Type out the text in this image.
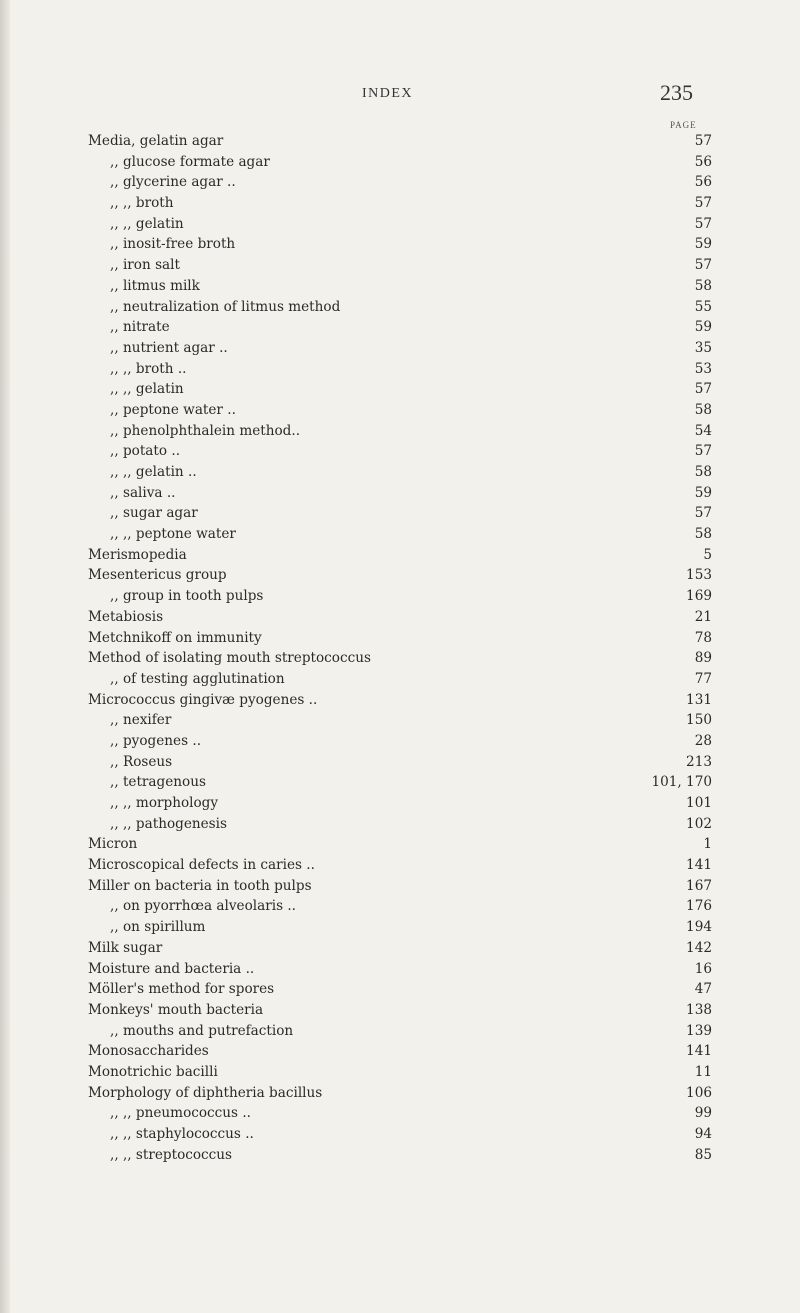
INDEX	235
PAGE
Media, gelatin agar	57
,, glucose formate agar	56
,, glycerine agar ..	56
,, ,, broth	57
,, ,, gelatin	57
,, inosit-free broth	59
,, iron salt	57
,, litmus milk	58
,, neutralization of litmus method	55
,, nitrate	59
,, nutrient agar ..	35
,, ,, broth ..	53
,, ,, gelatin	57
,, peptone water ..	58
,, phenolphthalein method..	54
,, potato ..	57
,, ,, gelatin ..	58
,, saliva ..	59
,, sugar agar	57
,, ,, peptone water	58
Merismopedia	5
Mesentericus group	153
,, group in tooth pulps	169
Metabiosis	21
Metchnikoff on immunity	78
Method of isolating mouth streptococcus	89
,, of testing agglutination	77
Micrococcus gingivæ pyogenes ..	131
,, nexifer	150
,, pyogenes ..	28
,, Roseus	213
,, tetragenous	101, 170
,, ,, morphology	101
,, ,, pathogenesis	102
Micron	1
Microscopical defects in caries ..	141
Miller on bacteria in tooth pulps	167
,, on pyorrhœa alveolaris ..	176
,, on spirillum	194
Milk sugar	142
Moisture and bacteria ..	16
Möller's method for spores	47
Monkeys' mouth bacteria	138
,, mouths and putrefaction	139
Monosaccharides	141
Monotrichic bacilli	11
Morphology of diphtheria bacillus	106
,, ,, pneumococcus ..	99
,, ,, staphylococcus ..	94
,, ,, streptococcus	85
